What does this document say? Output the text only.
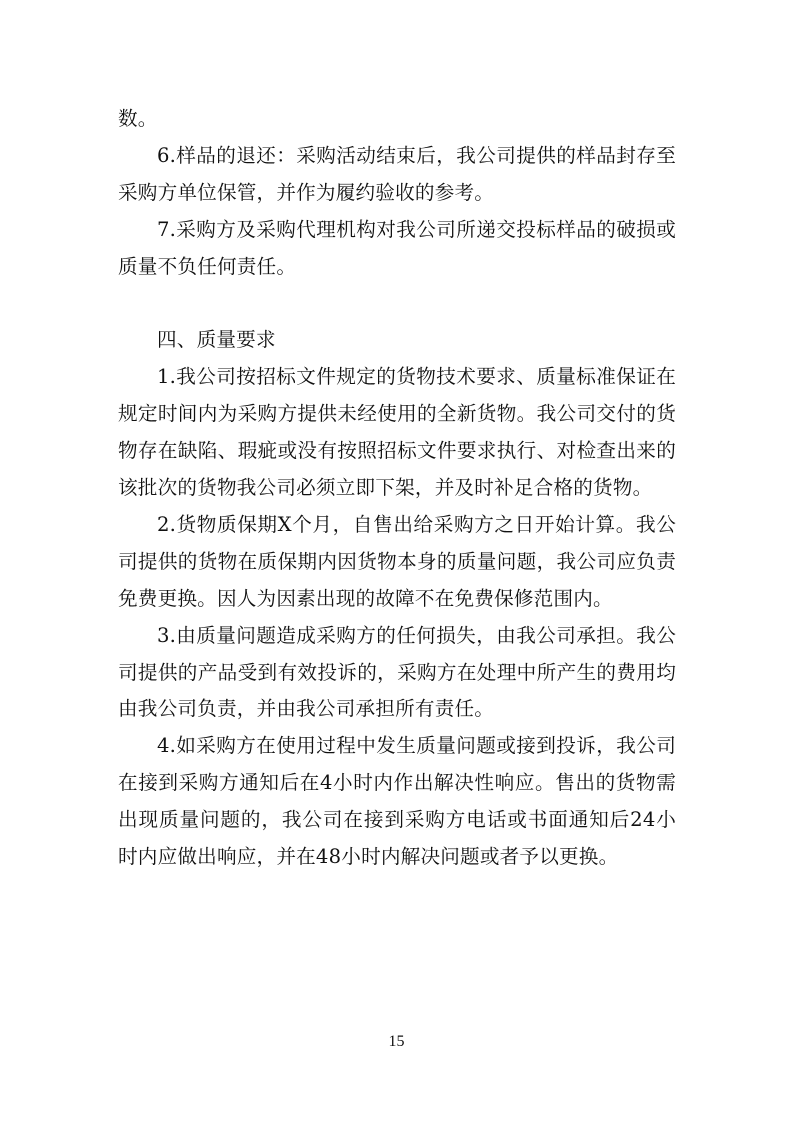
数。

6.样品的退还：采购活动结束后，我公司提供的样品封存至采购方单位保管，并作为履约验收的参考。

7.采购方及采购代理机构对我公司所递交投标样品的破损或质量不负任何责任。

四、质量要求

1.我公司按招标文件规定的货物技术要求、质量标准保证在规定时间内为采购方提供未经使用的全新货物。我公司交付的货物存在缺陷、瑕疵或没有按照招标文件要求执行、对检查出来的该批次的货物我公司必须立即下架，并及时补足合格的货物。

2.货物质保期X个月，自售出给采购方之日开始计算。我公司提供的货物在质保期内因货物本身的质量问题，我公司应负责免费更换。因人为因素出现的故障不在免费保修范围内。

3.由质量问题造成采购方的任何损失，由我公司承担。我公司提供的产品受到有效投诉的，采购方在处理中所产生的费用均由我公司负责，并由我公司承担所有责任。

4.如采购方在使用过程中发生质量问题或接到投诉，我公司在接到采购方通知后在4小时内作出解决性响应。售出的货物需出现质量问题的，我公司在接到采购方电话或书面通知后24小时内应做出响应，并在48小时内解决问题或者予以更换。

15
